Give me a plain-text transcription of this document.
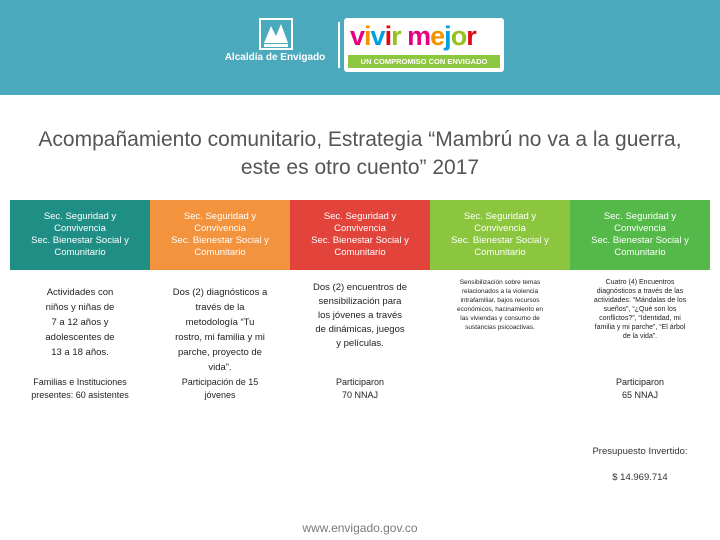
Alcaldía de Envigado
vivir mejor
UN COMPROMISO CON ENVIGADO
Acompañamiento comunitario, Estrategia “Mambrú no va a la guerra, este es otro cuento” 2017
Sec. Seguridad y
Convivencia
Sec. Bienestar Social y
Comunitario
Actividades con
niños y niñas de
7 a 12 años y
adolescentes de
13 a 18 años.
Familias e Instituciones
presentes: 60 asistentes
Sec. Seguridad y
Convivencia
Sec. Bienestar Social y
Comunitario
Dos (2) diagnósticos a
través de la
metodología “Tu
rostro, mi familia y mi
parche, proyecto de
vida”.
Participación de 15
jóvenes
Sec. Seguridad y
Convivencia
Sec. Bienestar Social y
Comunitario
Dos (2) encuentros de
sensibilización para
los jóvenes a través
de dinámicas, juegos
y películas.
Participaron
70 NNAJ
Sec. Seguridad y
Convivencia
Sec. Bienestar Social y
Comunitario
Sensibilización sobre temas
relacionados a la violencia
intrafamiliar, bajos recursos
económicos, hacinamiento en
las viviendas y consumo de
sustancias psicoactivas.
Sec. Seguridad y
Convivencia
Sec. Bienestar Social y
Comunitario
Cuatro (4) Encuentros
diagnósticos a través de las
actividades: “Mándalas de los
sueños”, “¿Qué son los
conflictos?”, “Identidad, mi
familia y mi parche”, “El árbol
de la vida”.
Participaron
65 NNAJ

Presupuesto Invertido:

$ 14.969.714

www.envigado.gov.co
